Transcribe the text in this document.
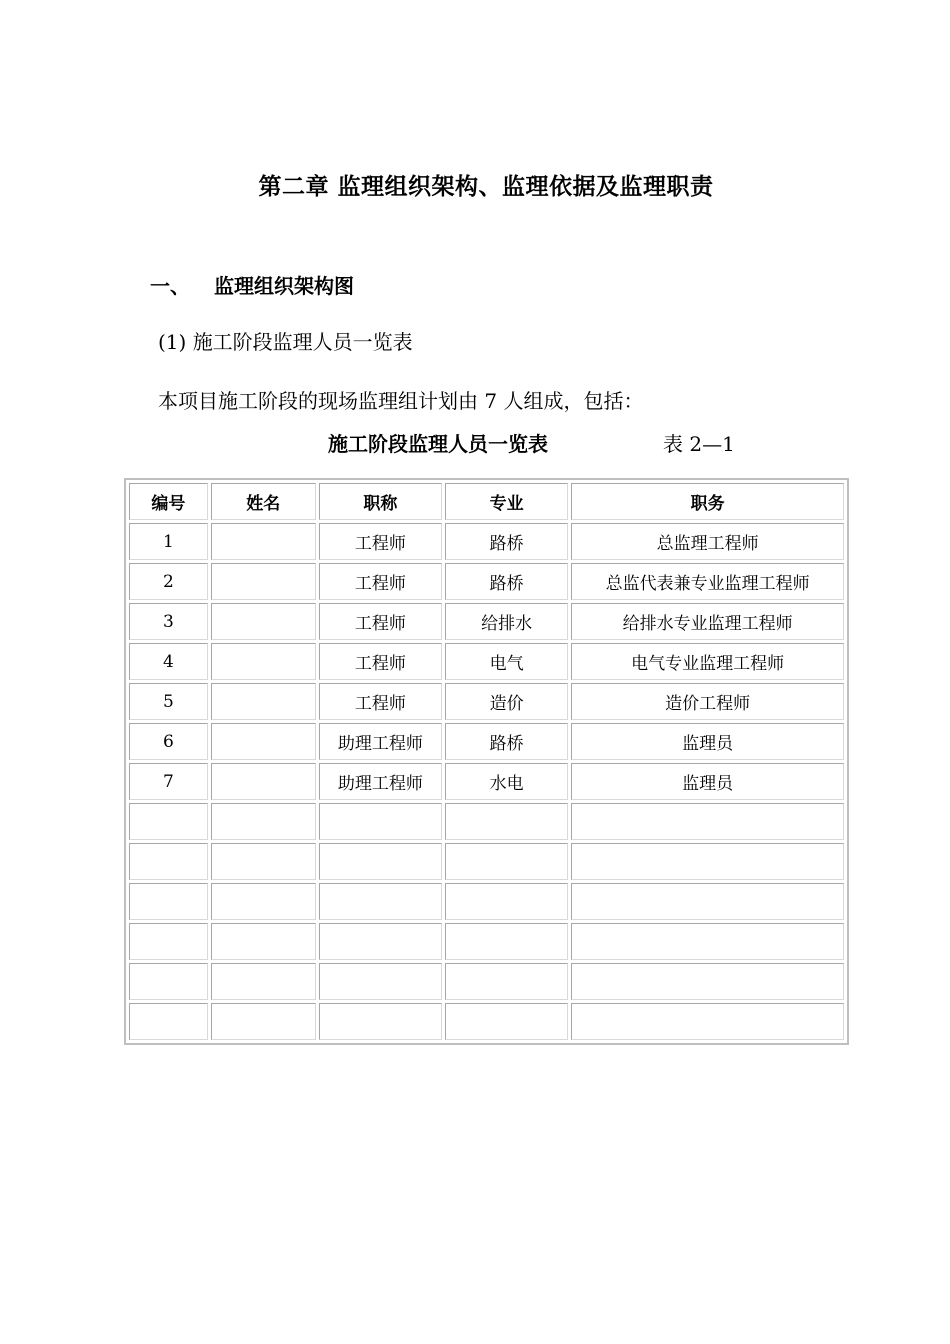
第二章 监理组织架构、监理依据及监理职责
一、 监理组织架构图
(1) 施工阶段监理人员一览表
本项目施工阶段的现场监理组计划由 7 人组成，包括：
施工阶段监理人员一览表	表 2—1
编号	姓名	职称	专业	职务
1		工程师	路桥	总监理工程师
2		工程师	路桥	总监代表兼专业监理工程师
3		工程师	给排水	给排水专业监理工程师
4		工程师	电气	电气专业监理工程师
5		工程师	造价	造价工程师
6		助理工程师	路桥	监理员
7		助理工程师	水电	监理员
